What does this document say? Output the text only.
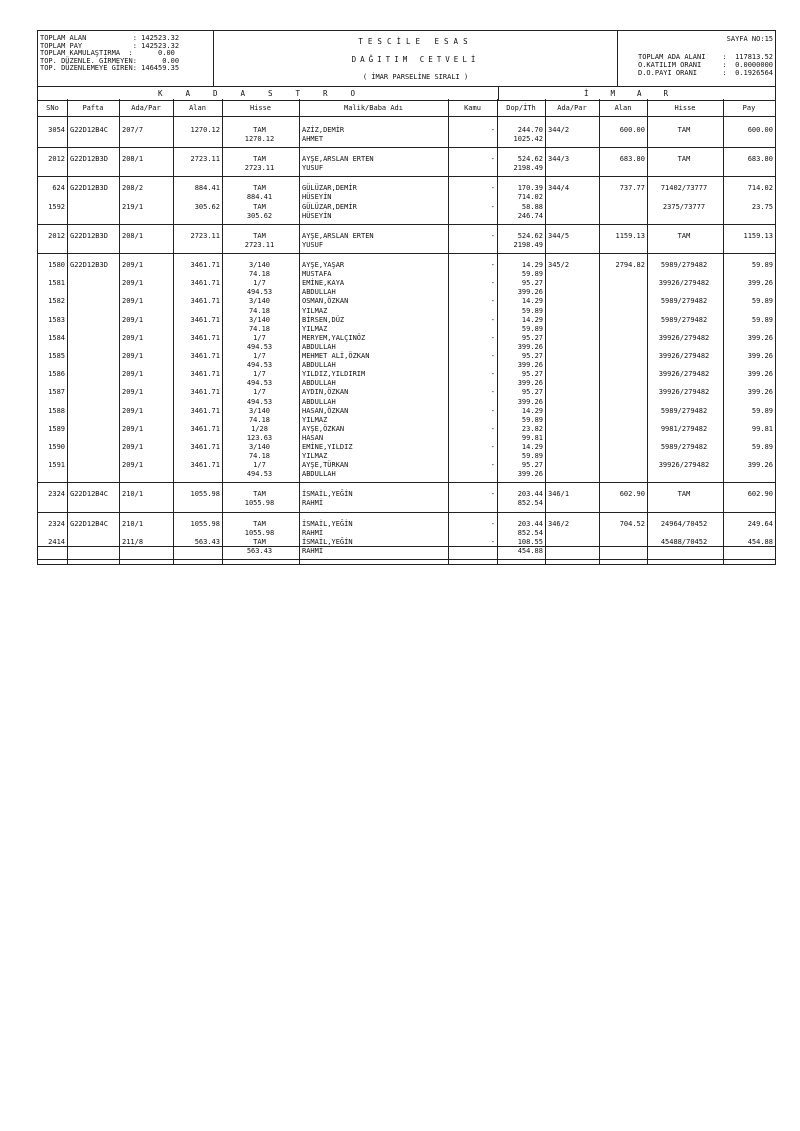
TOPLAM ALAN	: 142523.32
TOPLAM PAY	: 142523.32
TOPLAM KAMULAŞTIRMA  :	0.00
TOP. DÜZENLE. GİRMEYEN:	0.00
TOP. DÜZENLEMEYE GİREN: 146459.35
TESCİLE ESAS
DAĞITIM CETVELİ
( İMAR PARSELİNE SIRALI )
SAYFA NO:15
TOPLAM ADA ALANI	:  117813.52
O.KATILIM ORANI	:  0.0000000
D.O.PAYI ORANI	:  0.1926564
KADASTRO	İMAR
SNo	Pafta	Ada/Par	Alan	Hisse	Malik/Baba Adı	Kamu	Dop/İTh	Ada/Par	Alan	Hisse	Pay
3054 G22D12B4C	207/7	1270.12	TAM	AZİZ,DEMİR	-	244.70 344/2	600.00	TAM	600.00
1270.12	AHMET	1025.42
2012 G22D12B3D	208/1	2723.11	TAM	AYŞE,ARSLAN ERTEN	-	524.62 344/3	683.80	TAM	683.80
2723.11	YUSUF	2198.49
624 G22D12B3D	208/2	884.41	TAM	GÜLÜZAR,DEMİR	-	170.39 344/4	737.77	71402/73777	714.02
884.41	HÜSEYİN	714.02
1592	219/1	305.62	TAM	GÜLÜZAR,DEMİR	-	58.88	2375/73777	23.75
305.62	HÜSEYİN	246.74
2012 G22D12B3D	208/1	2723.11	TAM	AYŞE,ARSLAN ERTEN	-	524.62 344/5	1159.13	TAM	1159.13
2723.11	YUSUF	2198.49
1580 G22D12B3D	209/1	3461.71	3/140	AYŞE,YAŞAR	-	14.29 345/2	2794.82	5989/279482	59.89
74.18	MUSTAFA	59.89
1581	209/1	3461.71	1/7	EMİNE,KAYA	-	95.27	39926/279482	399.26
494.53	ABDULLAH	399.26
1582	209/1	3461.71	3/140	OSMAN,ÖZKAN	-	14.29	5989/279482	59.89
74.18	YILMAZ	59.89
1583	209/1	3461.71	3/140	BİRSEN,DÜZ	-	14.29	5989/279482	59.89
74.18	YILMAZ	59.89
1584	209/1	3461.71	1/7	MERYEM,YALÇINÖZ	-	95.27	39926/279482	399.26
494.53	ABDULLAH	399.26
1585	209/1	3461.71	1/7	MEHMET ALİ,ÖZKAN	-	95.27	39926/279482	399.26
494.53	ABDULLAH	399.26
1586	209/1	3461.71	1/7	YILDIZ,YILDIRIM	-	95.27	39926/279482	399.26
494.53	ABDULLAH	399.26
1587	209/1	3461.71	1/7	AYDIN,ÖZKAN	-	95.27	39926/279482	399.26
494.53	ABDULLAH	399.26
1588	209/1	3461.71	3/140	HASAN,ÖZKAN	-	14.29	5989/279482	59.89
74.18	YILMAZ	59.89
1589	209/1	3461.71	1/28	AYŞE,ÖZKAN	-	23.82	9981/279482	99.81
123.63	HASAN	99.81
1590	209/1	3461.71	3/140	EMİNE,YILDIZ	-	14.29	5989/279482	59.89
74.18	YILMAZ	59.89
1591	209/1	3461.71	1/7	AYŞE,TÜRKAN	-	95.27	39926/279482	399.26
494.53	ABDULLAH	399.26
2324 G22D12B4C	210/1	1055.98	TAM	İSMAİL,YEĞİN	-	203.44 346/1	602.90	TAM	602.90
1055.98	RAHMİ	852.54
2324 G22D12B4C	210/1	1055.98	TAM	İSMAİL,YEĞİN	-	203.44 346/2	704.52	24964/70452	249.64
1055.98	RAHMİ	852.54
2414	211/8	563.43	TAM	İSMAİL,YEĞİN	-	108.55	45488/70452	454.88
563.43	RAHMİ	454.88
